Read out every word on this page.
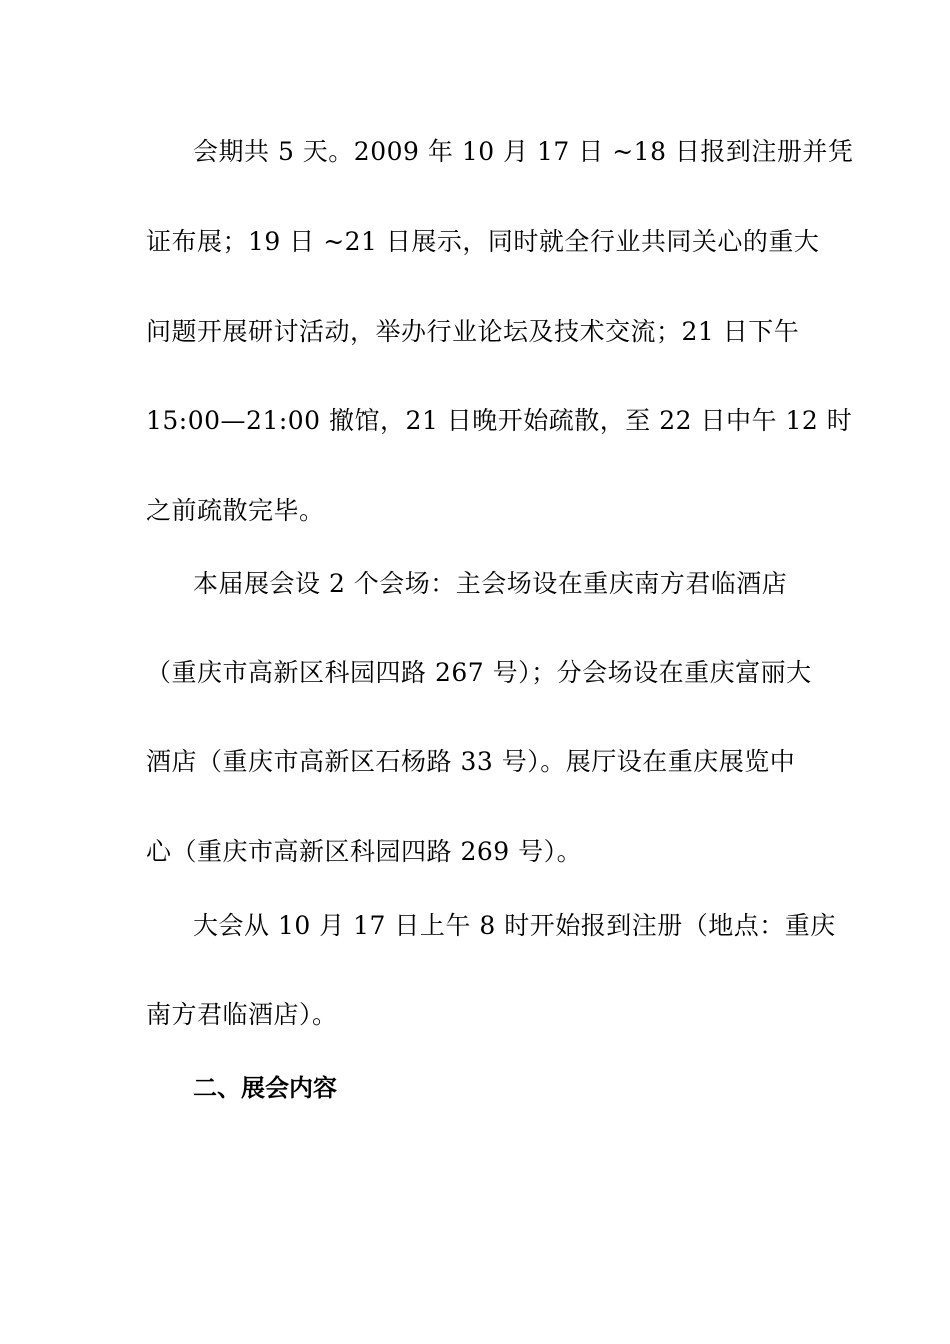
会期共 5 天。2009 年 10 月 17 日 ~18 日报到注册并凭
证布展；19 日 ~21 日展示，同时就全行业共同关心的重大
问题开展研讨活动，举办行业论坛及技术交流；21 日下午
15:00—21:00 撤馆，21 日晚开始疏散，至 22 日中午 12 时
之前疏散完毕。
本届展会设 2 个会场：主会场设在重庆南方君临酒店
（重庆市高新区科园四路 267 号）；分会场设在重庆富丽大
酒店（重庆市高新区石杨路 33 号）。展厅设在重庆展览中
心（重庆市高新区科园四路 269 号）。
大会从 10 月 17 日上午 8 时开始报到注册（地点：重庆
南方君临酒店）。
二、展会内容
